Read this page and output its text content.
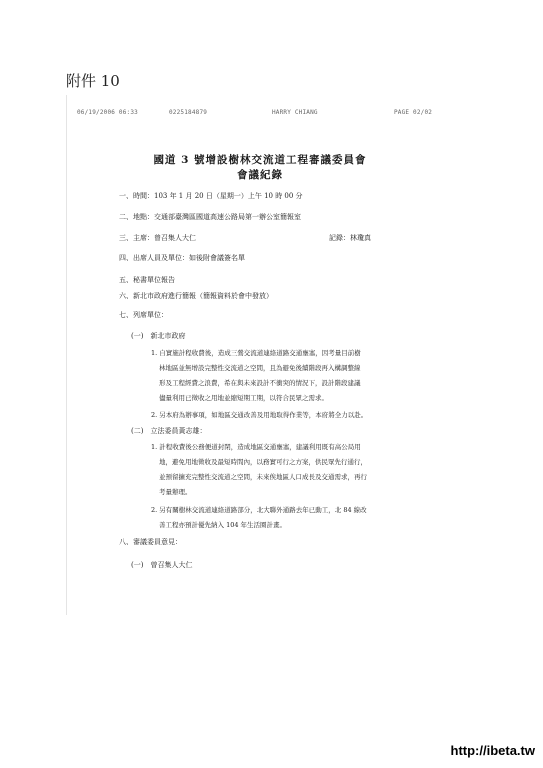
附件 10
06/19/2006 06:33	0225184879	HARRY CHIANG	PAGE 02/02
國道 3 號增設樹林交流道工程審議委員會
會議紀錄
一、時間：103 年 1 月 20 日（星期一）上午 10 時 00 分
二、地點：交通部臺灣區國道高速公路局第一辦公室簡報室
三、主席：曾召集人大仁	記錄：林瓊真
四、出席人員及單位：如後附會議簽名單
五、秘書單位報告
六、新北市政府進行簡報（簡報資料於會中發放）
七、列席單位：
(一)　新北市政府
1. 自實施計程收費後，造成三鶯交流道連絡道路交通壅塞，因考量目前樹
林地區並無增設完整性交流道之空間，且為避免後續階段再入構調整線
形及工程經費之浪費，希在與未來設計不衝突的情況下，設計階段建議
儘量利用已徵收之用地並縮短期工期，以符合民眾之需求。
2. 另本府為辦事項，如地區交通改善及用地取得作業等，本府將全力以赴。
(二)　立法委員黃志雄：
1. 計程收費後公務便道封閉，造成地區交通壅塞，建議利用既有高公局用
地，避免用地徵收及最短時間內，以務實可行之方案，供民眾先行通行，
並預留擴充完整性交流道之空間，未來俟地區人口成長及交通需求，再行
考量辦理。
2. 另有關樹林交流道連絡道路部分，北大聯外通路去年已動工，北 84 線改
善工程亦預計優先納入 104 年生活圈計畫。
八、審議委員意見：
(一)　曾召集人大仁
http://ibeta.tw
